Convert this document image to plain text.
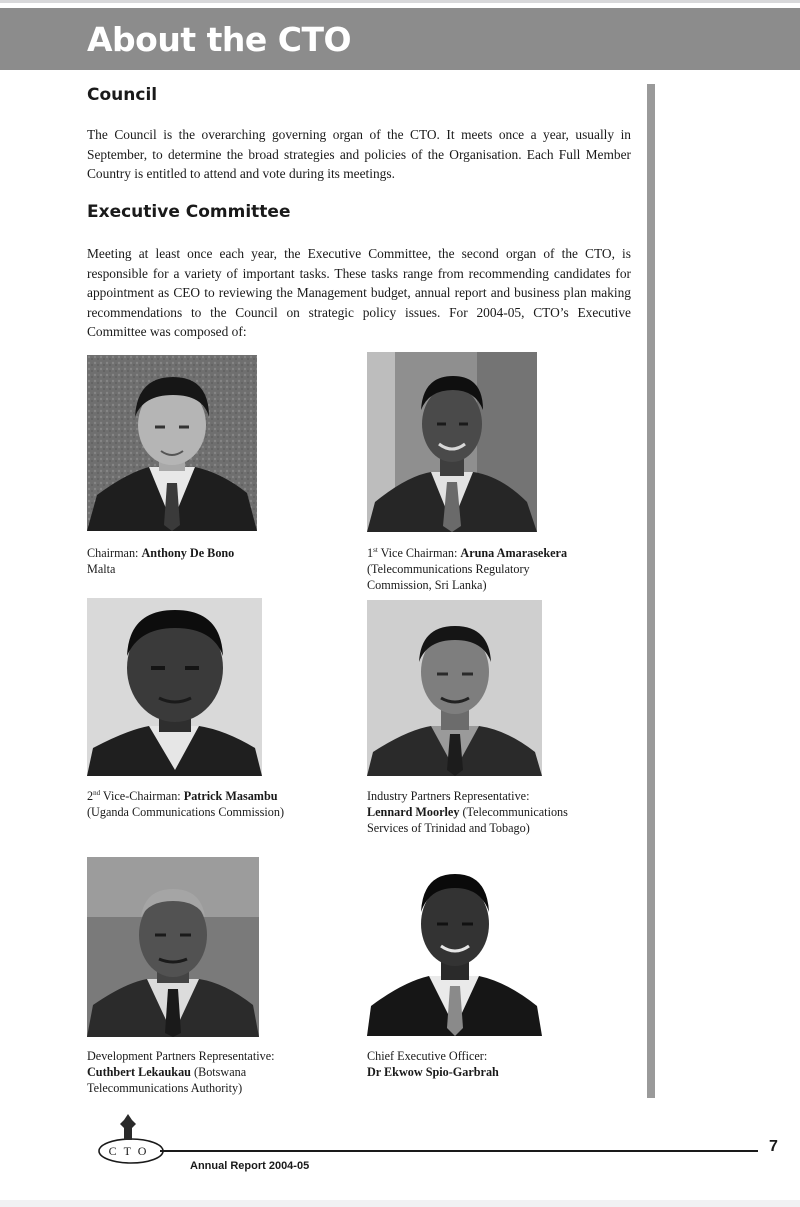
About the CTO
Council

The Council is the overarching governing organ of the CTO. It meets once a year, usually in September, to determine the broad strategies and policies of the Organisation. Each Full Member Country is entitled to attend and vote during its meetings.

Executive Committee

Meeting at least once each year, the Executive Committee, the second organ of the CTO, is responsible for a variety of important tasks. These tasks range from recommending candidates for appointment as CEO to reviewing the Management budget, annual report and business plan making recommendations to the Council on strategic policy issues. For 2004-05, CTO’s Executive Committee was composed of:

Chairman: Anthony De Bono
Malta
1st Vice Chairman: Aruna Amarasekera
(Telecommunications Regulatory
Commission, Sri Lanka)
2nd Vice-Chairman: Patrick Masambu
(Uganda Communications Commission)
Industry Partners Representative:
Lennard Moorley (Telecommunications
Services of Trinidad and Tobago)
Development Partners Representative:
Cuthbert Lekaukau (Botswana
Telecommunications Authority)
Chief Executive Officer:
Dr Ekwow Spio-Garbrah
CTO	7
Annual Report 2004-05
